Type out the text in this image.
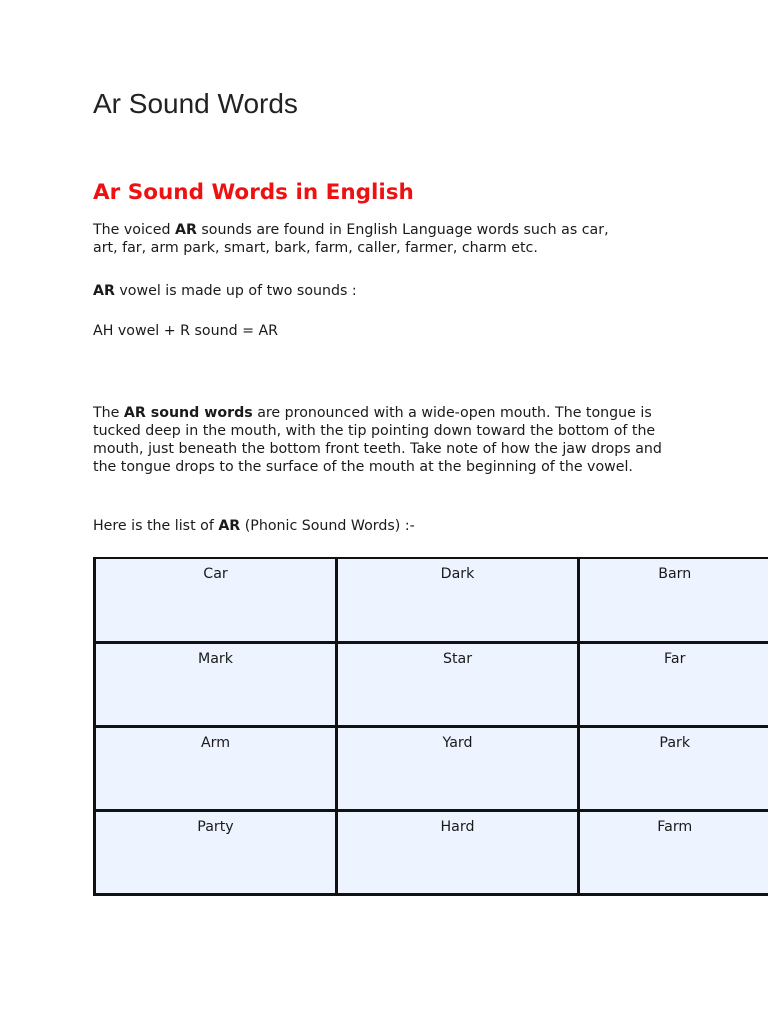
Ar Sound Words
Ar Sound Words in English

The voiced AR sounds are found in English Language words such as car,
art, far, arm park, smart, bark, farm, caller, farmer, charm etc.

AR vowel is made up of two sounds :

AH vowel + R sound = AR

The AR sound words are pronounced with a wide-open mouth. The tongue is tucked deep in the mouth, with the tip pointing down toward the bottom of the mouth, just beneath the bottom front teeth. Take note of how the jaw drops and the tongue drops to the surface of the mouth at the beginning of the vowel.

Here is the list of AR (Phonic Sound Words) :-

Car	Dark	Barn
Mark	Star	Far
Arm	Yard	Park
Party	Hard	Farm
